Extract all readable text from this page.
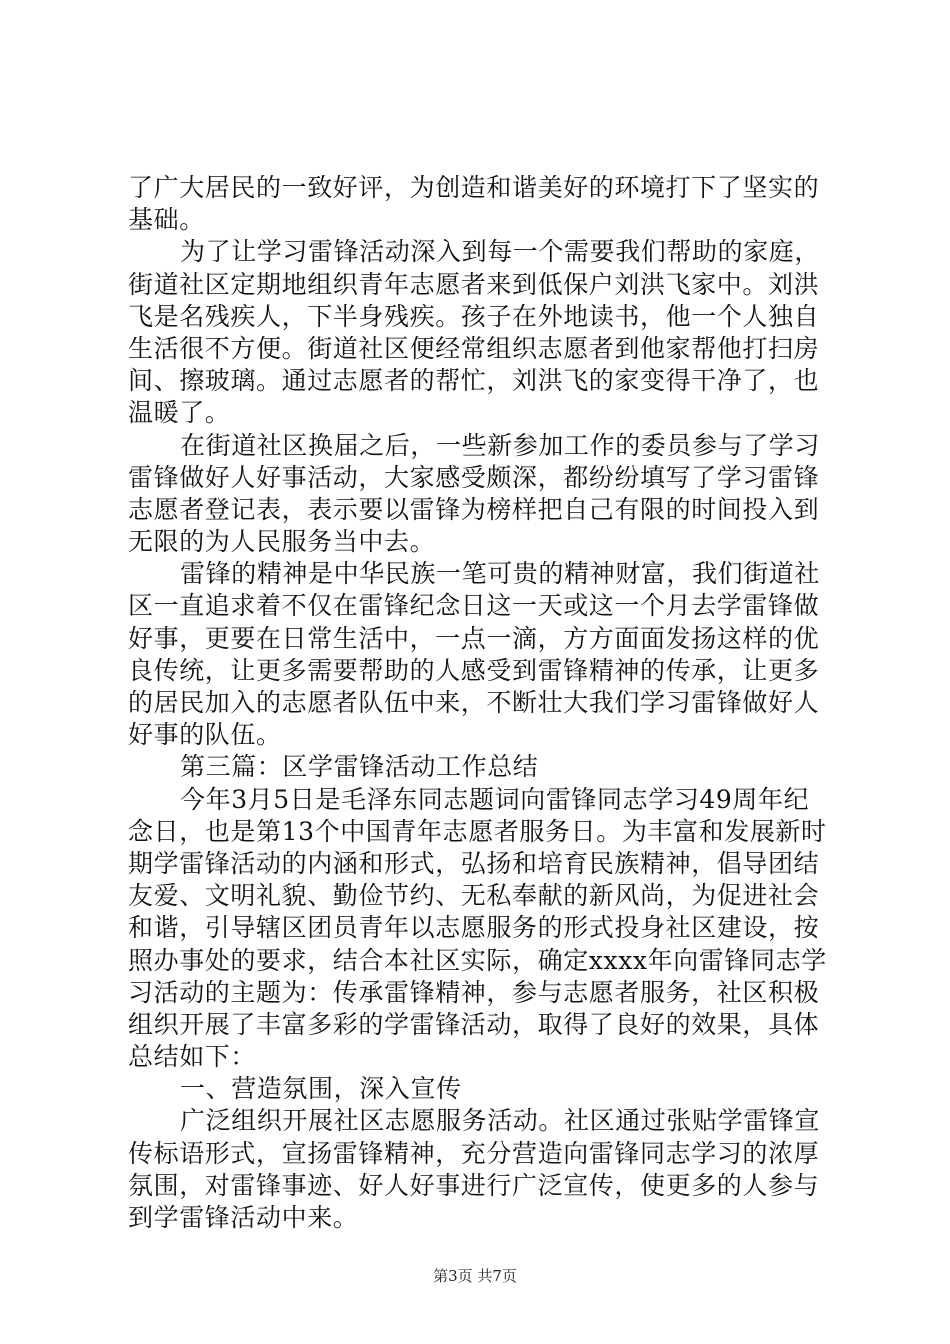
了广大居民的一致好评，为创造和谐美好的环境打下了坚实的
基础。
为了让学习雷锋活动深入到每一个需要我们帮助的家庭，
街道社区定期地组织青年志愿者来到低保户刘洪飞家中。刘洪
飞是名残疾人，下半身残疾。孩子在外地读书，他一个人独自
生活很不方便。街道社区便经常组织志愿者到他家帮他打扫房
间、擦玻璃。通过志愿者的帮忙，刘洪飞的家变得干净了，也
温暖了。
在街道社区换届之后，一些新参加工作的委员参与了学习
雷锋做好人好事活动，大家感受颇深，都纷纷填写了学习雷锋
志愿者登记表，表示要以雷锋为榜样把自己有限的时间投入到
无限的为人民服务当中去。
雷锋的精神是中华民族一笔可贵的精神财富，我们街道社
区一直追求着不仅在雷锋纪念日这一天或这一个月去学雷锋做
好事，更要在日常生活中，一点一滴，方方面面发扬这样的优
良传统，让更多需要帮助的人感受到雷锋精神的传承，让更多
的居民加入的志愿者队伍中来，不断壮大我们学习雷锋做好人
好事的队伍。
第三篇：区学雷锋活动工作总结
今年3月5日是毛泽东同志题词向雷锋同志学习49周年纪
念日，也是第13个中国青年志愿者服务日。为丰富和发展新时
期学雷锋活动的内涵和形式，弘扬和培育民族精神，倡导团结
友爱、文明礼貌、勤俭节约、无私奉献的新风尚，为促进社会
和谐，引导辖区团员青年以志愿服务的形式投身社区建设，按
照办事处的要求，结合本社区实际，确定xxxx年向雷锋同志学
习活动的主题为：传承雷锋精神，参与志愿者服务，社区积极
组织开展了丰富多彩的学雷锋活动，取得了良好的效果，具体
总结如下：
一、营造氛围，深入宣传
广泛组织开展社区志愿服务活动。社区通过张贴学雷锋宣
传标语形式，宣扬雷锋精神，充分营造向雷锋同志学习的浓厚
氛围，对雷锋事迹、好人好事进行广泛宣传，使更多的人参与
到学雷锋活动中来。
第3页 共7页
